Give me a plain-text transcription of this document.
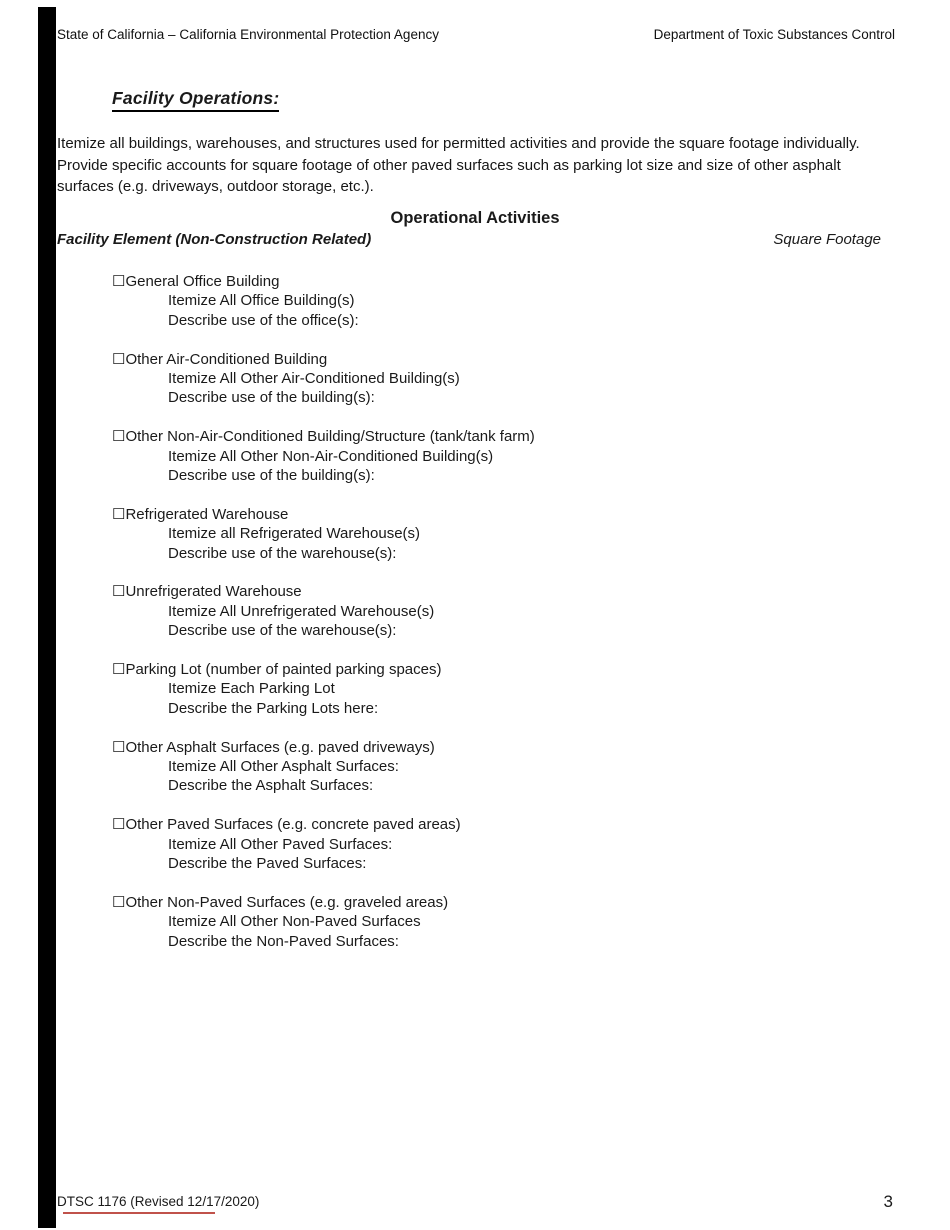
State of California – California Environmental Protection Agency	Department of Toxic Substances Control
Facility Operations:

Itemize all buildings, warehouses, and structures used for permitted activities and provide the square footage individually. Provide specific accounts for square footage of other paved surfaces such as parking lot size and size of other asphalt surfaces (e.g. driveways, outdoor storage, etc.).

Operational Activities
Facility Element (Non-Construction Related)	Square Footage
☐General Office Building
Itemize All Office Building(s)
Describe use of the office(s):
☐Other Air-Conditioned Building
Itemize All Other Air-Conditioned Building(s)
Describe use of the building(s):
☐Other Non-Air-Conditioned Building/Structure (tank/tank farm)
Itemize All Other Non-Air-Conditioned Building(s)
Describe use of the building(s):
☐Refrigerated Warehouse
Itemize all Refrigerated Warehouse(s)
Describe use of the warehouse(s):
☐Unrefrigerated Warehouse
Itemize All Unrefrigerated Warehouse(s)
Describe use of the warehouse(s):
☐Parking Lot (number of painted parking spaces)
Itemize Each Parking Lot
Describe the Parking Lots here:
☐Other Asphalt Surfaces (e.g. paved driveways)
Itemize All Other Asphalt Surfaces:
Describe the Asphalt Surfaces:
☐Other Paved Surfaces (e.g. concrete paved areas)
Itemize All Other Paved Surfaces:
Describe the Paved Surfaces:
☐Other Non-Paved Surfaces (e.g. graveled areas)
Itemize All Other Non-Paved Surfaces
Describe the Non-Paved Surfaces:
DTSC 1176 (Revised 12/17/2020)	3
